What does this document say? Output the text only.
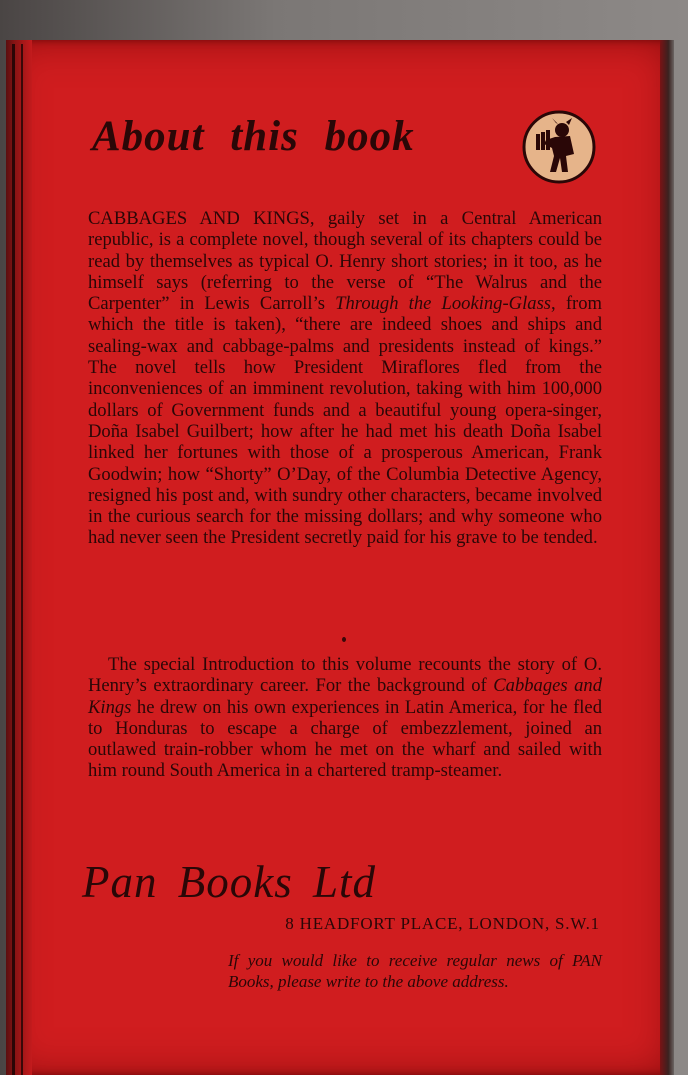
About this book

CABBAGES AND KINGS, gaily set in a Central American republic, is a complete novel, though several of its chapters could be read by themselves as typical O. Henry short stories; in it too, as he himself says (referring to the verse of “The Walrus and the Carpenter” in Lewis Carroll’s Through the Looking-Glass, from which the title is taken), “there are indeed shoes and ships and sealing-wax and cabbage-palms and presidents instead of kings.” The novel tells how President Miraflores fled from the inconveniences of an imminent revolution, taking with him 100,000 dollars of Government funds and a beautiful young opera-singer, Doña Isabel Guilbert; how after he had met his death Doña Isabel linked her fortunes with those of a prosperous American, Frank Goodwin; how “Shorty” O’Day, of the Columbia Detective Agency, resigned his post and, with sundry other characters, became involved in the curious search for the missing dollars; and why someone who had never seen the President secretly paid for his grave to be tended.

The special Introduction to this volume recounts the story of O. Henry’s extraordinary career. For the background of Cabbages and Kings he drew on his own experiences in Latin America, for he fled to Honduras to escape a charge of embezzlement, joined an outlawed train-robber whom he met on the wharf and sailed with him round South America in a chartered tramp-steamer.

Pan Books Ltd
8 HEADFORT PLACE, LONDON, S.W.1
If you would like to receive regular news of PAN Books, please write to the above address.
